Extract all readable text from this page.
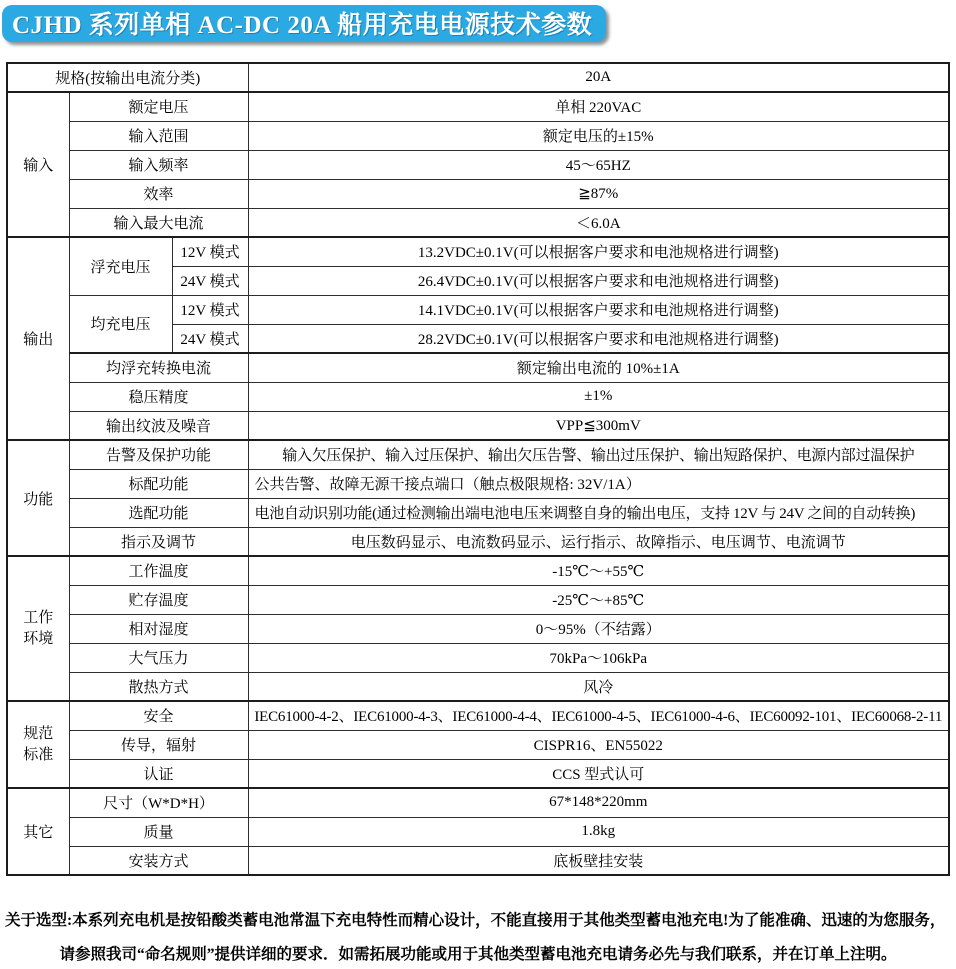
CJHD 系列单相 AC-DC 20A 船用充电电源技术参数
规格(按输出电流分类)			20A
输入	额定电压		单相 220VAC
	输入范围		额定电压的±15%
	输入频率		45～65HZ
	效率		≧87%
	输入最大电流		＜6.0A
输出	浮充电压	12V 模式	13.2VDC±0.1V(可以根据客户要求和电池规格进行调整)
		24V 模式	26.4VDC±0.1V(可以根据客户要求和电池规格进行调整)
	均充电压	12V 模式	14.1VDC±0.1V(可以根据客户要求和电池规格进行调整)
		24V 模式	28.2VDC±0.1V(可以根据客户要求和电池规格进行调整)
	均浮充转换电流		额定输出电流的 10%±1A
	稳压精度		±1%
	输出纹波及噪音		VPP≦300mV
功能	告警及保护功能		输入欠压保护、输入过压保护、输出欠压告警、输出过压保护、输出短路保护、电源内部过温保护
	标配功能		公共告警、故障无源干接点端口（触点极限规格: 32V/1A）
	选配功能		电池自动识别功能(通过检测输出端电池电压来调整自身的输出电压，支持 12V 与 24V 之间的自动转换)
	指示及调节		电压数码显示、电流数码显示、运行指示、故障指示、电压调节、电流调节

工作
环境	工作温度		-15℃～+55℃
	贮存温度		-25℃～+85℃
	相对湿度		0～95%（不结露）
	大气压力		70kPa～106kPa
	散热方式		风冷

规范
标准	安全		IEC61000-4-2、IEC61000-4-3、IEC61000-4-4、IEC61000-4-5、IEC61000-4-6、IEC60092-101、IEC60068-2-11
	传导，辐射		CISPR16、EN55022
	认证		CCS 型式认可
其它	尺寸（W*D*H）		67*148*220mm
	质量		1.8kg
	安装方式		底板壁挂安装
关于选型:本系列充电机是按铅酸类蓄电池常温下充电特性而精心设计，不能直接用于其他类型蓄电池充电!为了能准确、迅速的为您服务，
请参照我司“命名规则”提供详细的要求．如需拓展功能或用于其他类型蓄电池充电请务必先与我们联系，并在订单上注明。
